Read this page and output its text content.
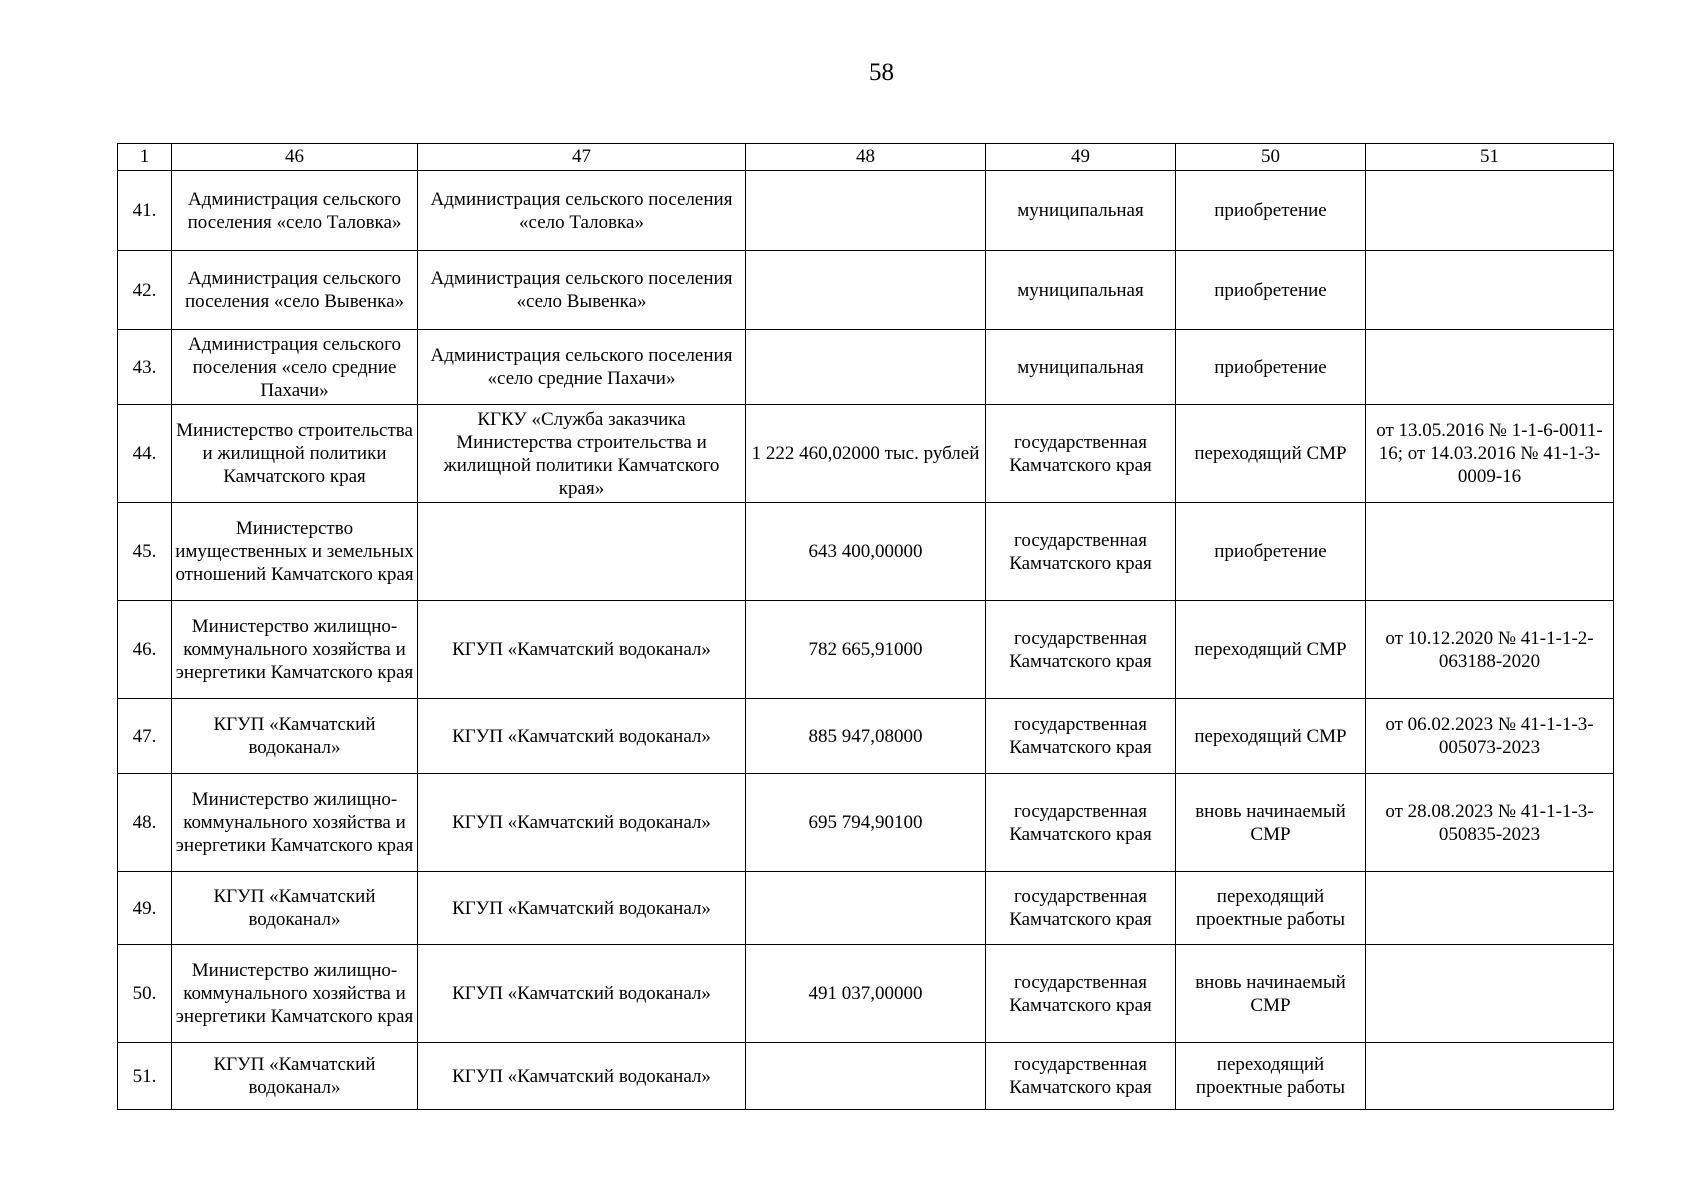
58
1	46	47	48	49	50	51
41.	Администрация сельского поселения «село Таловка»	Администрация сельского поселения «село Таловка»		муниципальная	приобретение	
42.	Администрация сельского поселения «село Вывенка»	Администрация сельского поселения «село Вывенка»		муниципальная	приобретение	
43.	Администрация сельского поселения «село средние Пахачи»	Администрация сельского поселения «село средние Пахачи»		муниципальная	приобретение	
44.	Министерство строительства и жилищной политики Камчатского края	КГКУ «Служба заказчика Министерства строительства и жилищной политики Камчатского края»	1 222 460,02000 тыс. рублей	государственная Камчатского края	переходящий СМР	от 13.05.2016 № 1-1-6-0011-16; от 14.03.2016 № 41-1-3-0009-16
45.	Министерство имущественных и земельных отношений Камчатского края		643 400,00000	государственная Камчатского края	приобретение	
46.	Министерство жилищно-коммунального хозяйства и энергетики Камчатского края	КГУП «Камчатский водоканал»	782 665,91000	государственная Камчатского края	переходящий СМР	от 10.12.2020 № 41-1-1-2-063188-2020
47.	КГУП «Камчатский водоканал»	КГУП «Камчатский водоканал»	885 947,08000	государственная Камчатского края	переходящий СМР	от 06.02.2023 № 41-1-1-3-005073-2023
48.	Министерство жилищно-коммунального хозяйства и энергетики Камчатского края	КГУП «Камчатский водоканал»	695 794,90100	государственная Камчатского края	вновь начинаемый СМР	от 28.08.2023 № 41-1-1-3-050835-2023
49.	КГУП «Камчатский водоканал»	КГУП «Камчатский водоканал»		государственная Камчатского края	переходящий проектные работы	
50.	Министерство жилищно-коммунального хозяйства и энергетики Камчатского края	КГУП «Камчатский водоканал»	491 037,00000	государственная Камчатского края	вновь начинаемый СМР	
51.	КГУП «Камчатский водоканал»	КГУП «Камчатский водоканал»		государственная Камчатского края	переходящий проектные работы	
